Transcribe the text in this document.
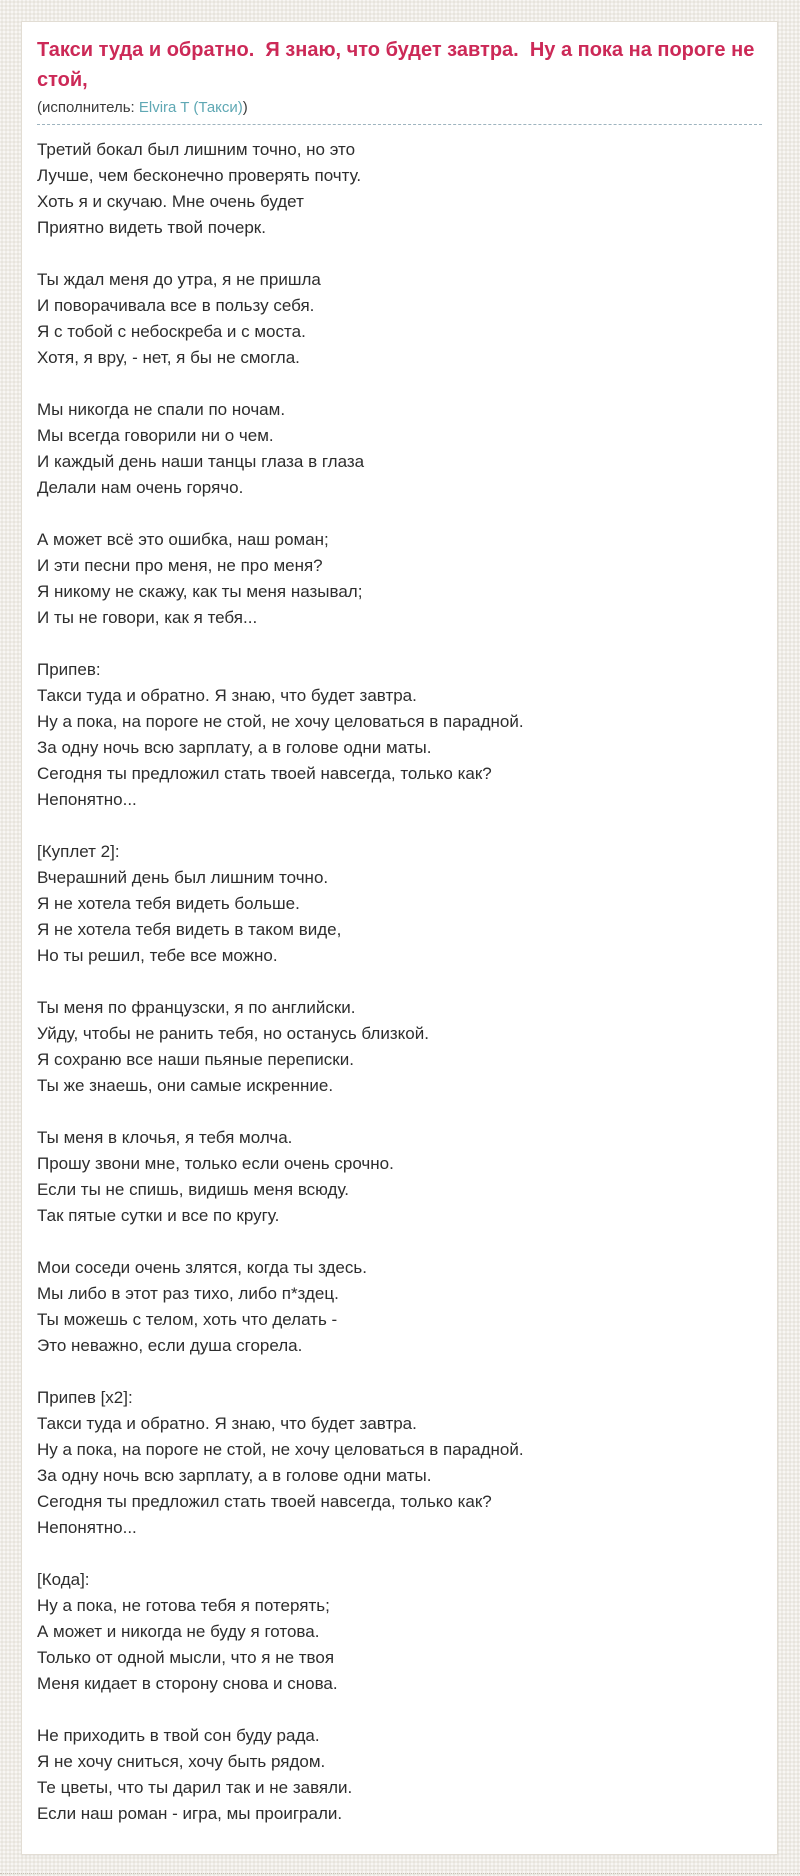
Такси туда и обратно.  Я знаю, что будет завтра.  Ну а пока на пороге не стой,

(исполнитель: Elvira T (Такси))

Третий бокал был лишним точно, но это
Лучше, чем бесконечно проверять почту.
Хоть я и скучаю. Мне очень будет
Приятно видеть твой почерк.

Ты ждал меня до утра, я не пришла
И поворачивала все в пользу себя.
Я с тобой с небоскреба и с моста.
Хотя, я вру, - нет, я бы не смогла.

Мы никогда не спали по ночам.
Мы всегда говорили ни о чем.
И каждый день наши танцы глаза в глаза
Делали нам очень горячо.

А может всё это ошибка, наш роман;
И эти песни про меня, не про меня?
Я никому не скажу, как ты меня называл;
И ты не говори, как я тебя...

Припев:
Такси туда и обратно. Я знаю, что будет завтра.
Ну а пока, на пороге не стой, не хочу целоваться в парадной.
За одну ночь всю зарплату, а в голове одни маты.
Сегодня ты предложил стать твоей навсегда, только как?
Непонятно...

[Куплет 2]:
Вчерашний день был лишним точно.
Я не хотела тебя видеть больше.
Я не хотела тебя видеть в таком виде,
Но ты решил, тебе все можно.

Ты меня по французски, я по английски.
Уйду, чтобы не ранить тебя, но останусь близкой.
Я сохраню все наши пьяные переписки.
Ты же знаешь, они самые искренние.

Ты меня в клочья, я тебя молча.
Прошу звони мне, только если очень срочно.
Если ты не спишь, видишь меня всюду.
Так пятые сутки и все по кругу.

Мои соседи очень злятся, когда ты здесь.
Мы либо в этот раз тихо, либо п*здец.
Ты можешь с телом, хоть что делать -
Это неважно, если душа сгорела.

Припев [x2]:
Такси туда и обратно. Я знаю, что будет завтра.
Ну а пока, на пороге не стой, не хочу целоваться в парадной.
За одну ночь всю зарплату, а в голове одни маты.
Сегодня ты предложил стать твоей навсегда, только как?
Непонятно...

[Кода]:
Ну а пока, не готова тебя я потерять;
А может и никогда не буду я готова.
Только от одной мысли, что я не твоя
Меня кидает в сторону снова и снова.

Не приходить в твой сон буду рада.
Я не хочу сниться, хочу быть рядом.
Те цветы, что ты дарил так и не завяли.
Если наш роман - игра, мы проиграли.
